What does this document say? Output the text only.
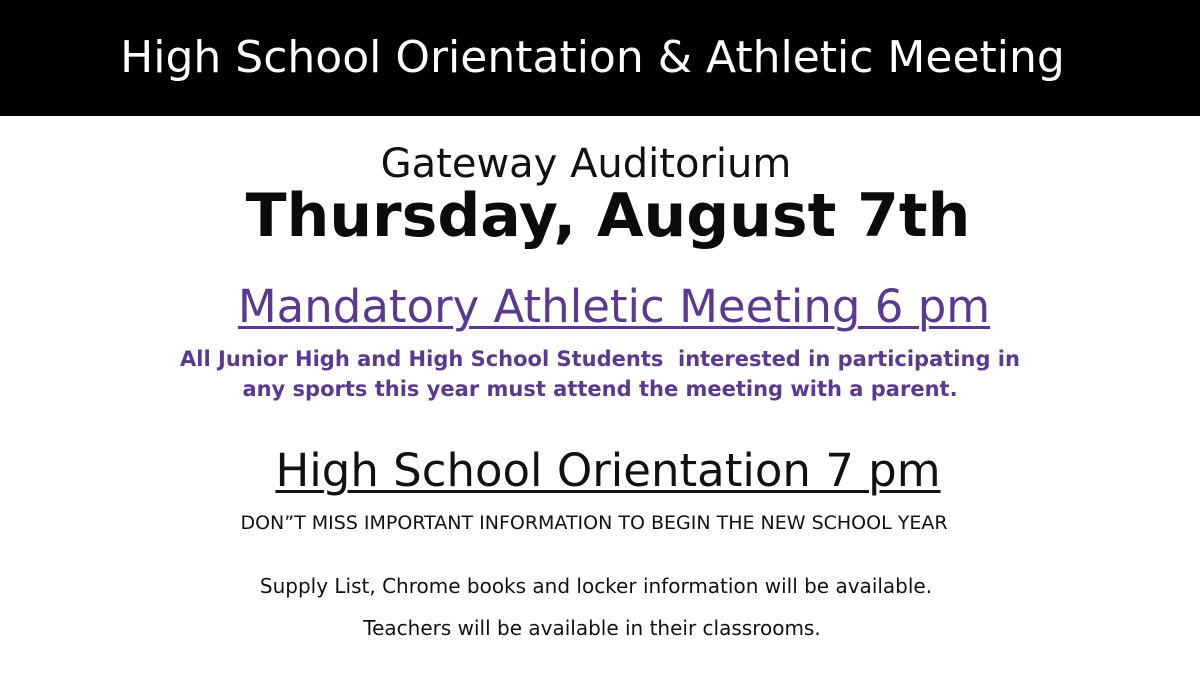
High School Orientation & Athletic Meeting
Gateway Auditorium
Thursday, August 7th
Mandatory Athletic Meeting 6 pm
All Junior High and High School Students  interested in participating in
any sports this year must attend the meeting with a parent.
High School Orientation 7 pm
DON”T MISS IMPORTANT INFORMATION TO BEGIN THE NEW SCHOOL YEAR
Supply List, Chrome books and locker information will be available.
Teachers will be available in their classrooms.
